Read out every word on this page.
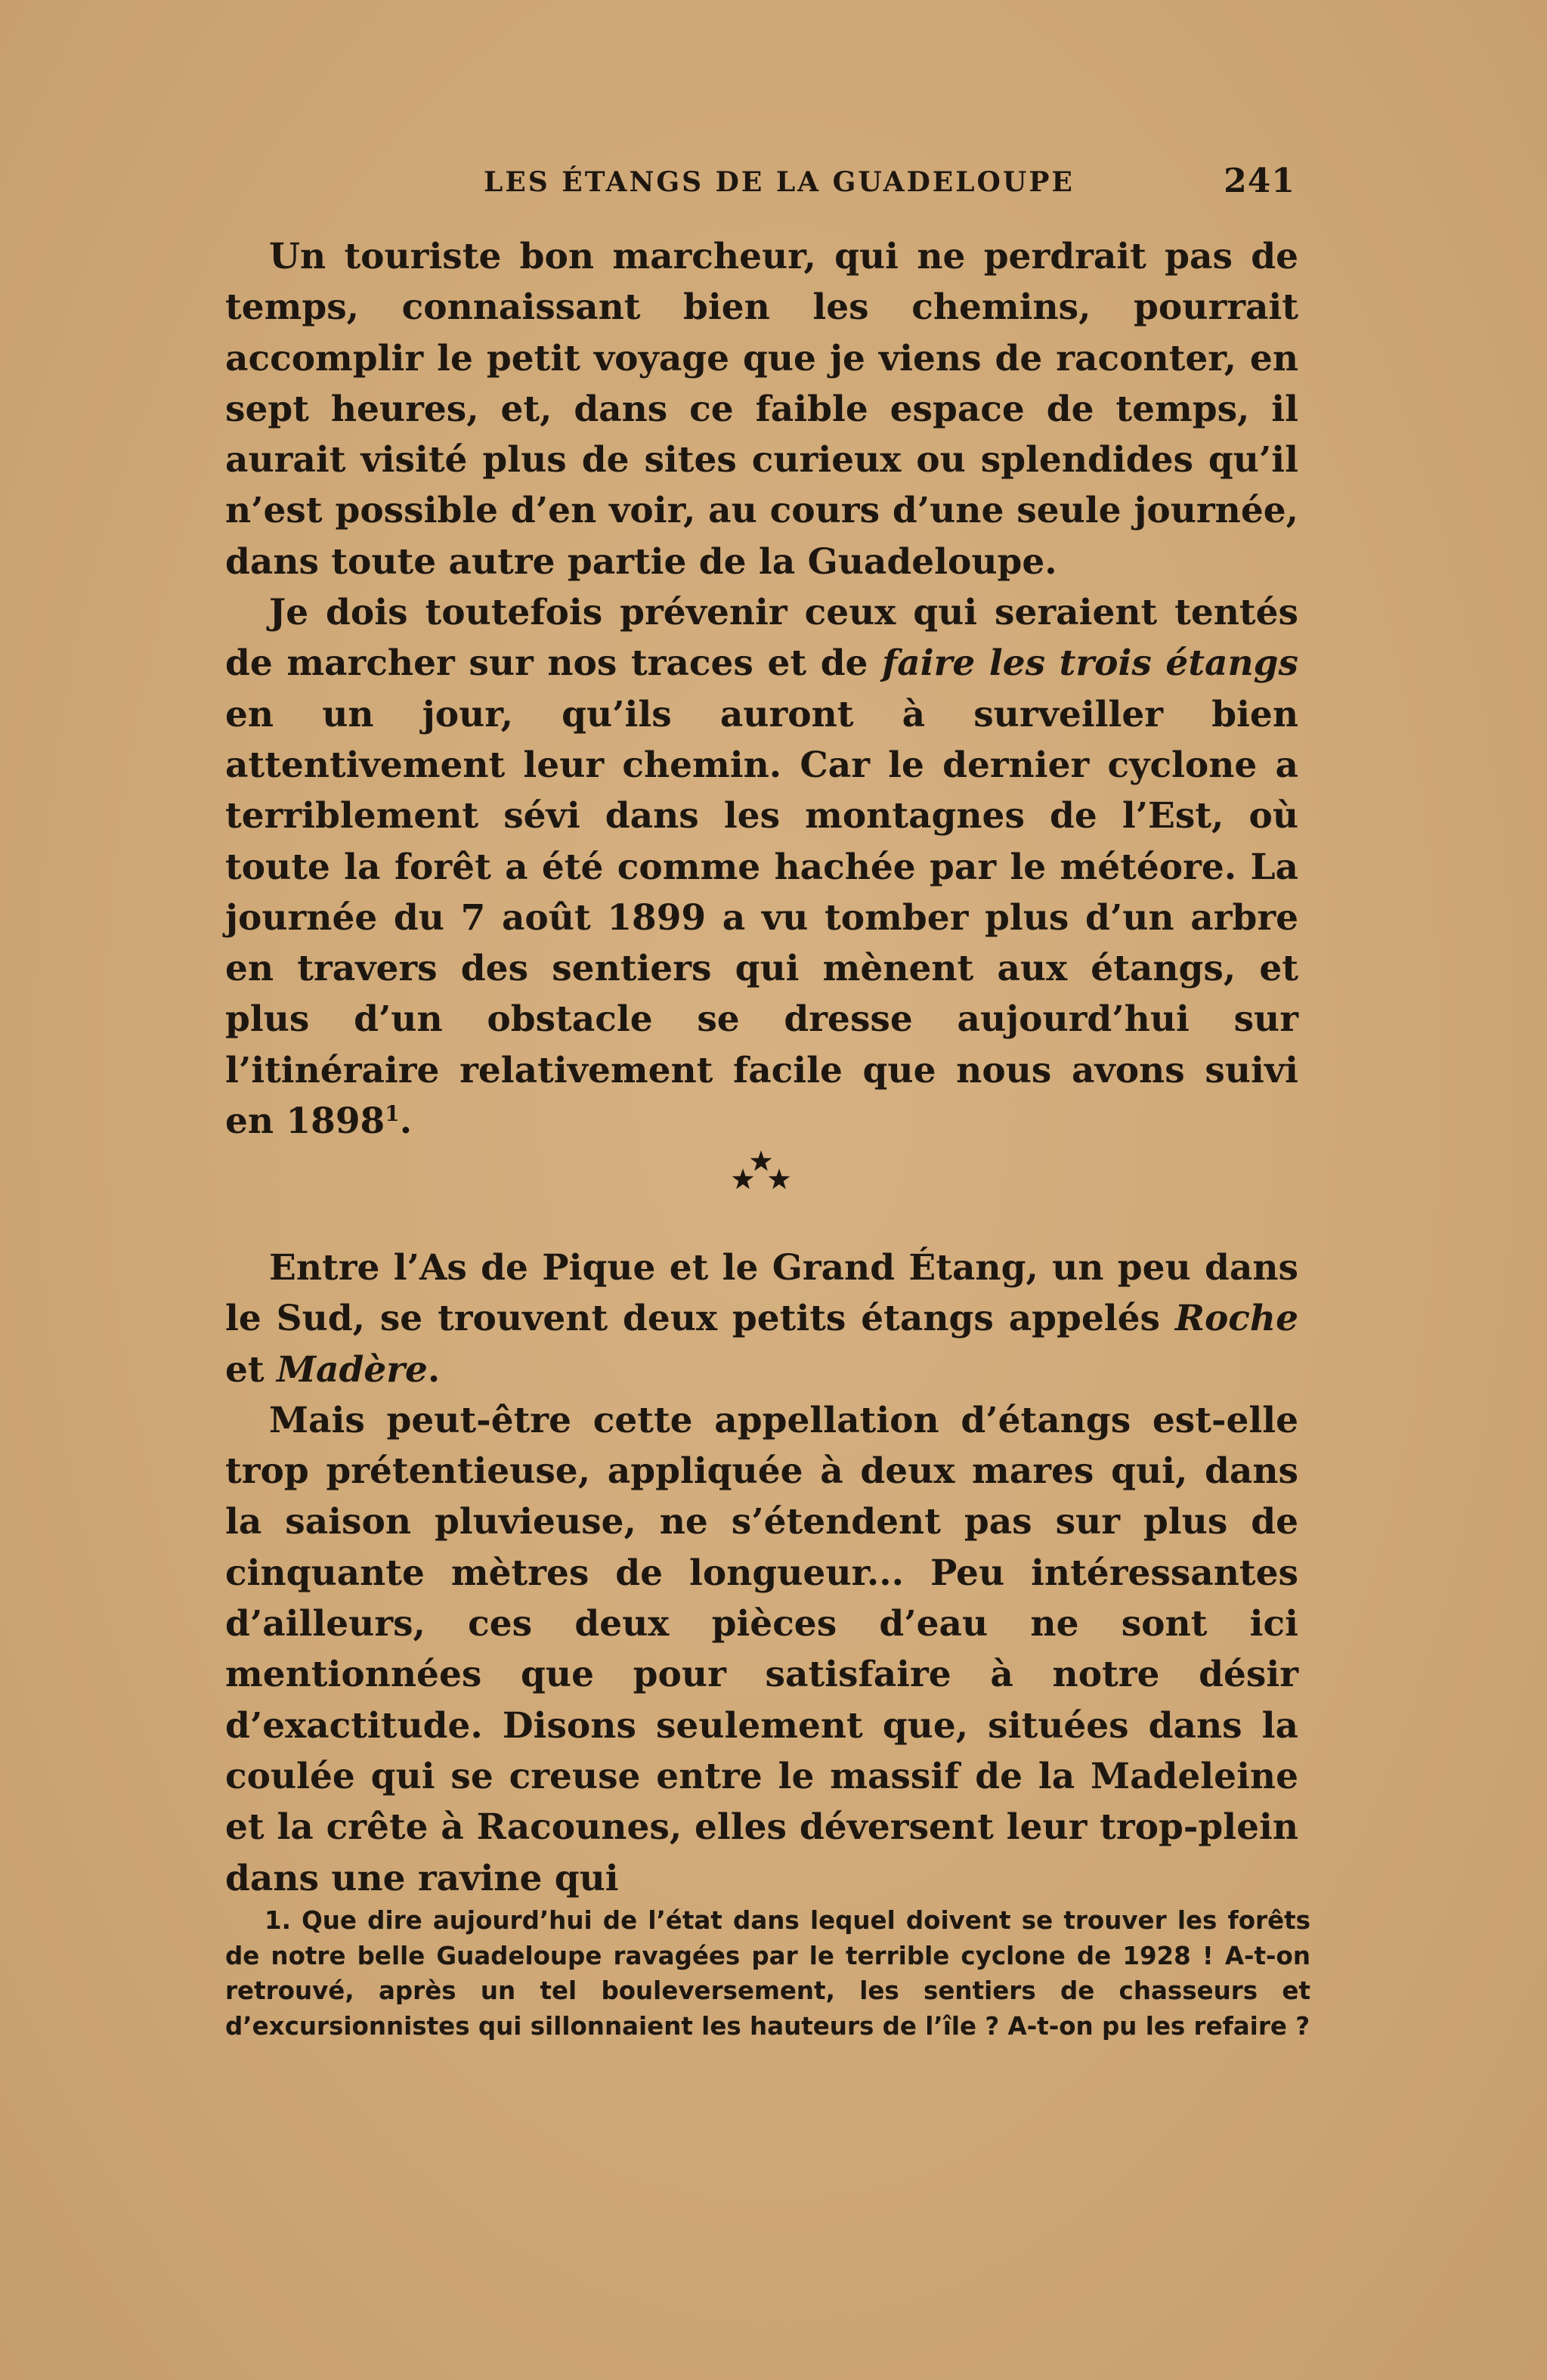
LES ÉTANGS DE LA GUADELOUPE	241

Un touriste bon marcheur, qui ne perdrait pas de temps, connaissant bien les chemins, pourrait accomplir le petit voyage que je viens de raconter, en sept heures, et, dans ce faible espace de temps, il aurait visité plus de sites curieux ou splendides qu’il n’est possible d’en voir, au cours d’une seule journée, dans toute autre partie de la Guadeloupe.

Je dois toutefois prévenir ceux qui seraient tentés de marcher sur nos traces et de faire les trois étangs en un jour, qu’ils auront à surveiller bien attentivement leur chemin. Car le dernier cyclone a terriblement sévi dans les montagnes de l’Est, où toute la forêt a été comme hachée par le météore. La journée du 7 août 1899 a vu tomber plus d’un arbre en travers des sentiers qui mènent aux étangs, et plus d’un obstacle se dresse aujourd’hui sur l’itinéraire relativement facile que nous avons suivi en 1898$^1$.

Entre l’As de Pique et le Grand Étang, un peu dans le Sud, se trouvent deux petits étangs appelés Roche et Madère.

Mais peut-être cette appellation d’étangs est-elle trop prétentieuse, appliquée à deux mares qui, dans la saison pluvieuse, ne s’étendent pas sur plus de cinquante mètres de longueur... Peu intéressantes d’ailleurs, ces deux pièces d’eau ne sont ici mentionnées que pour satisfaire à notre désir d’exactitude. Disons seulement que, situées dans la coulée qui se creuse entre le massif de la Madeleine et la crête à Racounes, elles déversent leur trop-plein dans une ravine qui

1. Que dire aujourd’hui de l’état dans lequel doivent se trouver les forêts de notre belle Guadeloupe ravagées par le terrible cyclone de 1928 ! A-t-on retrouvé, après un tel bouleversement, les sentiers de chasseurs et d’excursionnistes qui sillonnaient les hauteurs de l’île ? A-t-on pu les refaire ?
